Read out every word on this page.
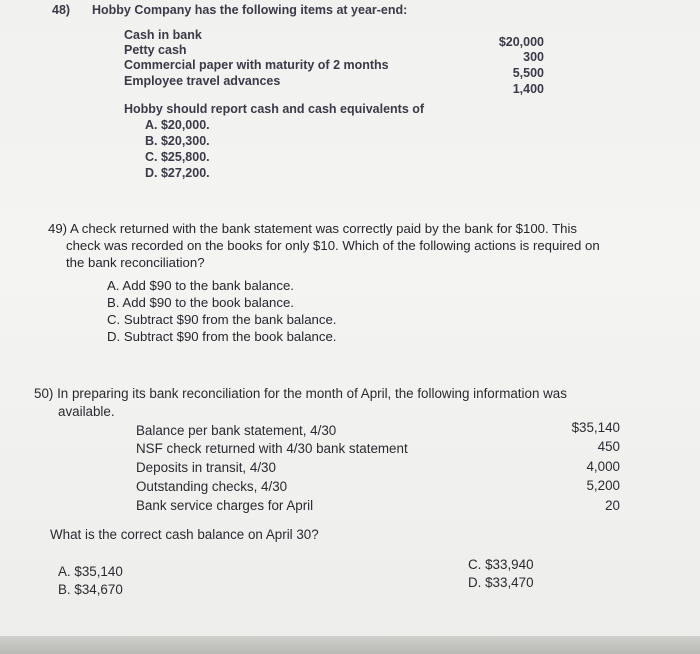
48) Hobby Company has the following items at year-end:
Cash in bank
Petty cash
Commercial paper with maturity of 2 months
Employee travel advances
$20,000
300
5,500
1,400
Hobby should report cash and cash equivalents of
A. $20,000.
B. $20,300.
C. $25,800.
D. $27,200.
49) A check returned with the bank statement was correctly paid by the bank for $100. This
check was recorded on the books for only $10. Which of the following actions is required on
the bank reconciliation?
A. Add $90 to the bank balance.
B. Add $90 to the book balance.
C. Subtract $90 from the bank balance.
D. Subtract $90 from the book balance.
50) In preparing its bank reconciliation for the month of April, the following information was
available.
Balance per bank statement, 4/30
NSF check returned with 4/30 bank statement
Deposits in transit, 4/30
Outstanding checks, 4/30
Bank service charges for April
$35,140
450
4,000
5,200
20
What is the correct cash balance on April 30?
A. $35,140
B. $34,670
C. $33,940
D. $33,470
